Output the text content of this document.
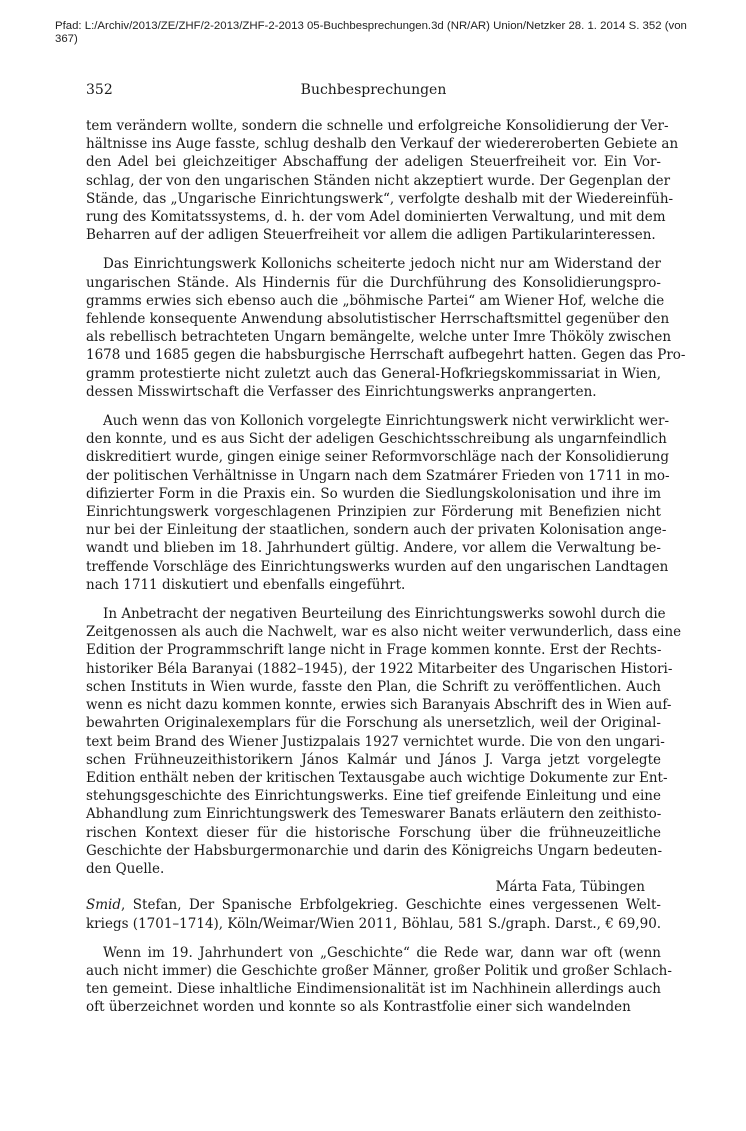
Pfad: L:/Archiv/2013/ZE/ZHF/2-2013/ZHF-2-2013 05-Buchbesprechungen.3d (NR/AR) Union/Netzker 28. 1. 2014 S. 352 (von
367)
352	Buchbesprechungen

tem verändern wollte, sondern die schnelle und erfolgreiche Konsolidierung der Ver-
hältnisse ins Auge fasste, schlug deshalb den Verkauf der wiedereroberten Gebiete an
den Adel bei gleichzeitiger Abschaffung der adeligen Steuerfreiheit vor. Ein Vor-
schlag, der von den ungarischen Ständen nicht akzeptiert wurde. Der Gegenplan der
Stände, das „Ungarische Einrichtungswerk“, verfolgte deshalb mit der Wiedereinfüh-
rung des Komitatssystems, d. h. der vom Adel dominierten Verwaltung, und mit dem
Beharren auf der adligen Steuerfreiheit vor allem die adligen Partikularinteressen.

Das Einrichtungswerk Kollonichs scheiterte jedoch nicht nur am Widerstand der
ungarischen Stände. Als Hindernis für die Durchführung des Konsolidierungspro-
gramms erwies sich ebenso auch die „böhmische Partei“ am Wiener Hof, welche die
fehlende konsequente Anwendung absolutistischer Herrschaftsmittel gegenüber den
als rebellisch betrachteten Ungarn bemängelte, welche unter Imre Thököly zwischen
1678 und 1685 gegen die habsburgische Herrschaft aufbegehrt hatten. Gegen das Pro-
gramm protestierte nicht zuletzt auch das General-Hofkriegskommissariat in Wien,
dessen Misswirtschaft die Verfasser des Einrichtungswerks anprangerten.

Auch wenn das von Kollonich vorgelegte Einrichtungswerk nicht verwirklicht wer-
den konnte, und es aus Sicht der adeligen Geschichtsschreibung als ungarnfeindlich
diskreditiert wurde, gingen einige seiner Reformvorschläge nach der Konsolidierung
der politischen Verhältnisse in Ungarn nach dem Szatmárer Frieden von 1711 in mo-
difizierter Form in die Praxis ein. So wurden die Siedlungskolonisation und ihre im
Einrichtungswerk vorgeschlagenen Prinzipien zur Förderung mit Benefizien nicht
nur bei der Einleitung der staatlichen, sondern auch der privaten Kolonisation ange-
wandt und blieben im 18. Jahrhundert gültig. Andere, vor allem die Verwaltung be-
treffende Vorschläge des Einrichtungswerks wurden auf den ungarischen Landtagen
nach 1711 diskutiert und ebenfalls eingeführt.

In Anbetracht der negativen Beurteilung des Einrichtungswerks sowohl durch die
Zeitgenossen als auch die Nachwelt, war es also nicht weiter verwunderlich, dass eine
Edition der Programmschrift lange nicht in Frage kommen konnte. Erst der Rechts-
historiker Béla Baranyai (1882–1945), der 1922 Mitarbeiter des Ungarischen Histori-
schen Instituts in Wien wurde, fasste den Plan, die Schrift zu veröffentlichen. Auch
wenn es nicht dazu kommen konnte, erwies sich Baranyais Abschrift des in Wien auf-
bewahrten Originalexemplars für die Forschung als unersetzlich, weil der Original-
text beim Brand des Wiener Justizpalais 1927 vernichtet wurde. Die von den ungari-
schen Frühneuzeithistorikern János Kalmár und János J. Varga jetzt vorgelegte
Edition enthält neben der kritischen Textausgabe auch wichtige Dokumente zur Ent-
stehungsgeschichte des Einrichtungswerks. Eine tief greifende Einleitung und eine
Abhandlung zum Einrichtungswerk des Temeswarer Banats erläutern den zeithisto-
rischen Kontext dieser für die historische Forschung über die frühneuzeitliche
Geschichte der Habsburgermonarchie und darin des Königreichs Ungarn bedeuten-
den Quelle.

Márta Fata, Tübingen

Smid, Stefan, Der Spanische Erbfolgekrieg. Geschichte eines vergessenen Welt-
kriegs (1701–1714), Köln/Weimar/Wien 2011, Böhlau, 581 S./graph. Darst., € 69,90.

Wenn im 19. Jahrhundert von „Geschichte“ die Rede war, dann war oft (wenn
auch nicht immer) die Geschichte großer Männer, großer Politik und großer Schlach-
ten gemeint. Diese inhaltliche Eindimensionalität ist im Nachhinein allerdings auch
oft überzeichnet worden und konnte so als Kontrastfolie einer sich wandelnden
